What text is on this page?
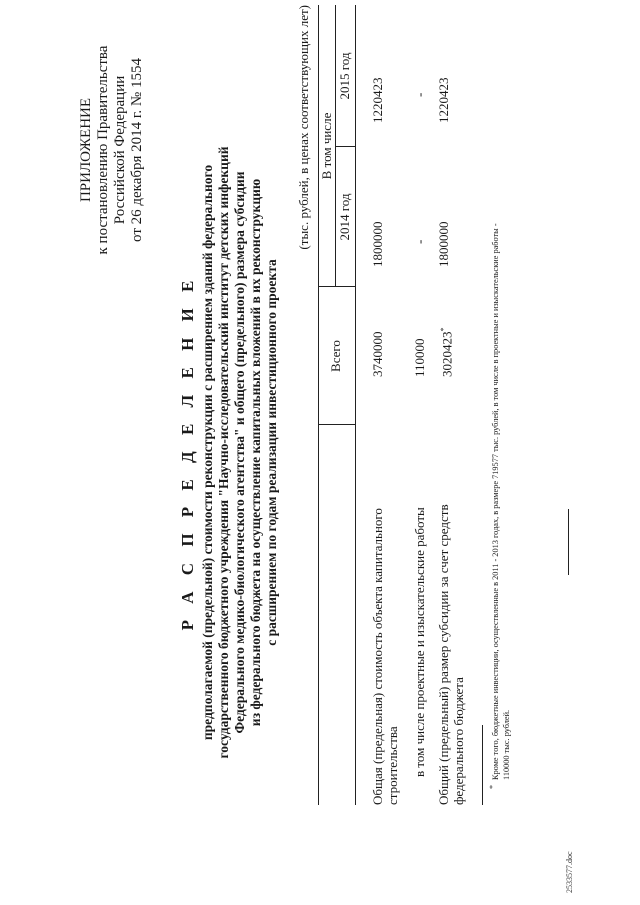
ПРИЛОЖЕНИЕ к постановлению Правительства Российской Федерации от 26 декабря 2014 г. № 1554
Р А С П Р Е Д Е Л Е Н И Е предполагаемой (предельной) стоимости реконструкции с расширением зданий федерального государственного бюджетного учреждения "Научно-исследовательский институт детских инфекций Федерального медико-биологического агентства" и общего (предельного) размера субсидии из федерального бюджета на осуществление капитальных вложений в их реконструкцию с расширением по годам реализации инвестиционного проекта
(тыс. рублей, в ценах соответствующих лет)
Всего
В том числе
2014 год
2015 год
Общая (предельная) стоимость объекта капитального строительства
3740000
1800000
1220423
в том числе проектные и изыскательские работы
110000
-
-
Общий (предельный) размер субсидии за счет средств федерального бюджета
3020423*
1800000
1220423
*
Кроме того, бюджетные инвестиции, осуществленные в 2011 - 2013 годах, в размере 719577 тыс. рублей, в том числе в проектные и изыскательские работы - 110000 тыс. рублей.
2533577.doc
